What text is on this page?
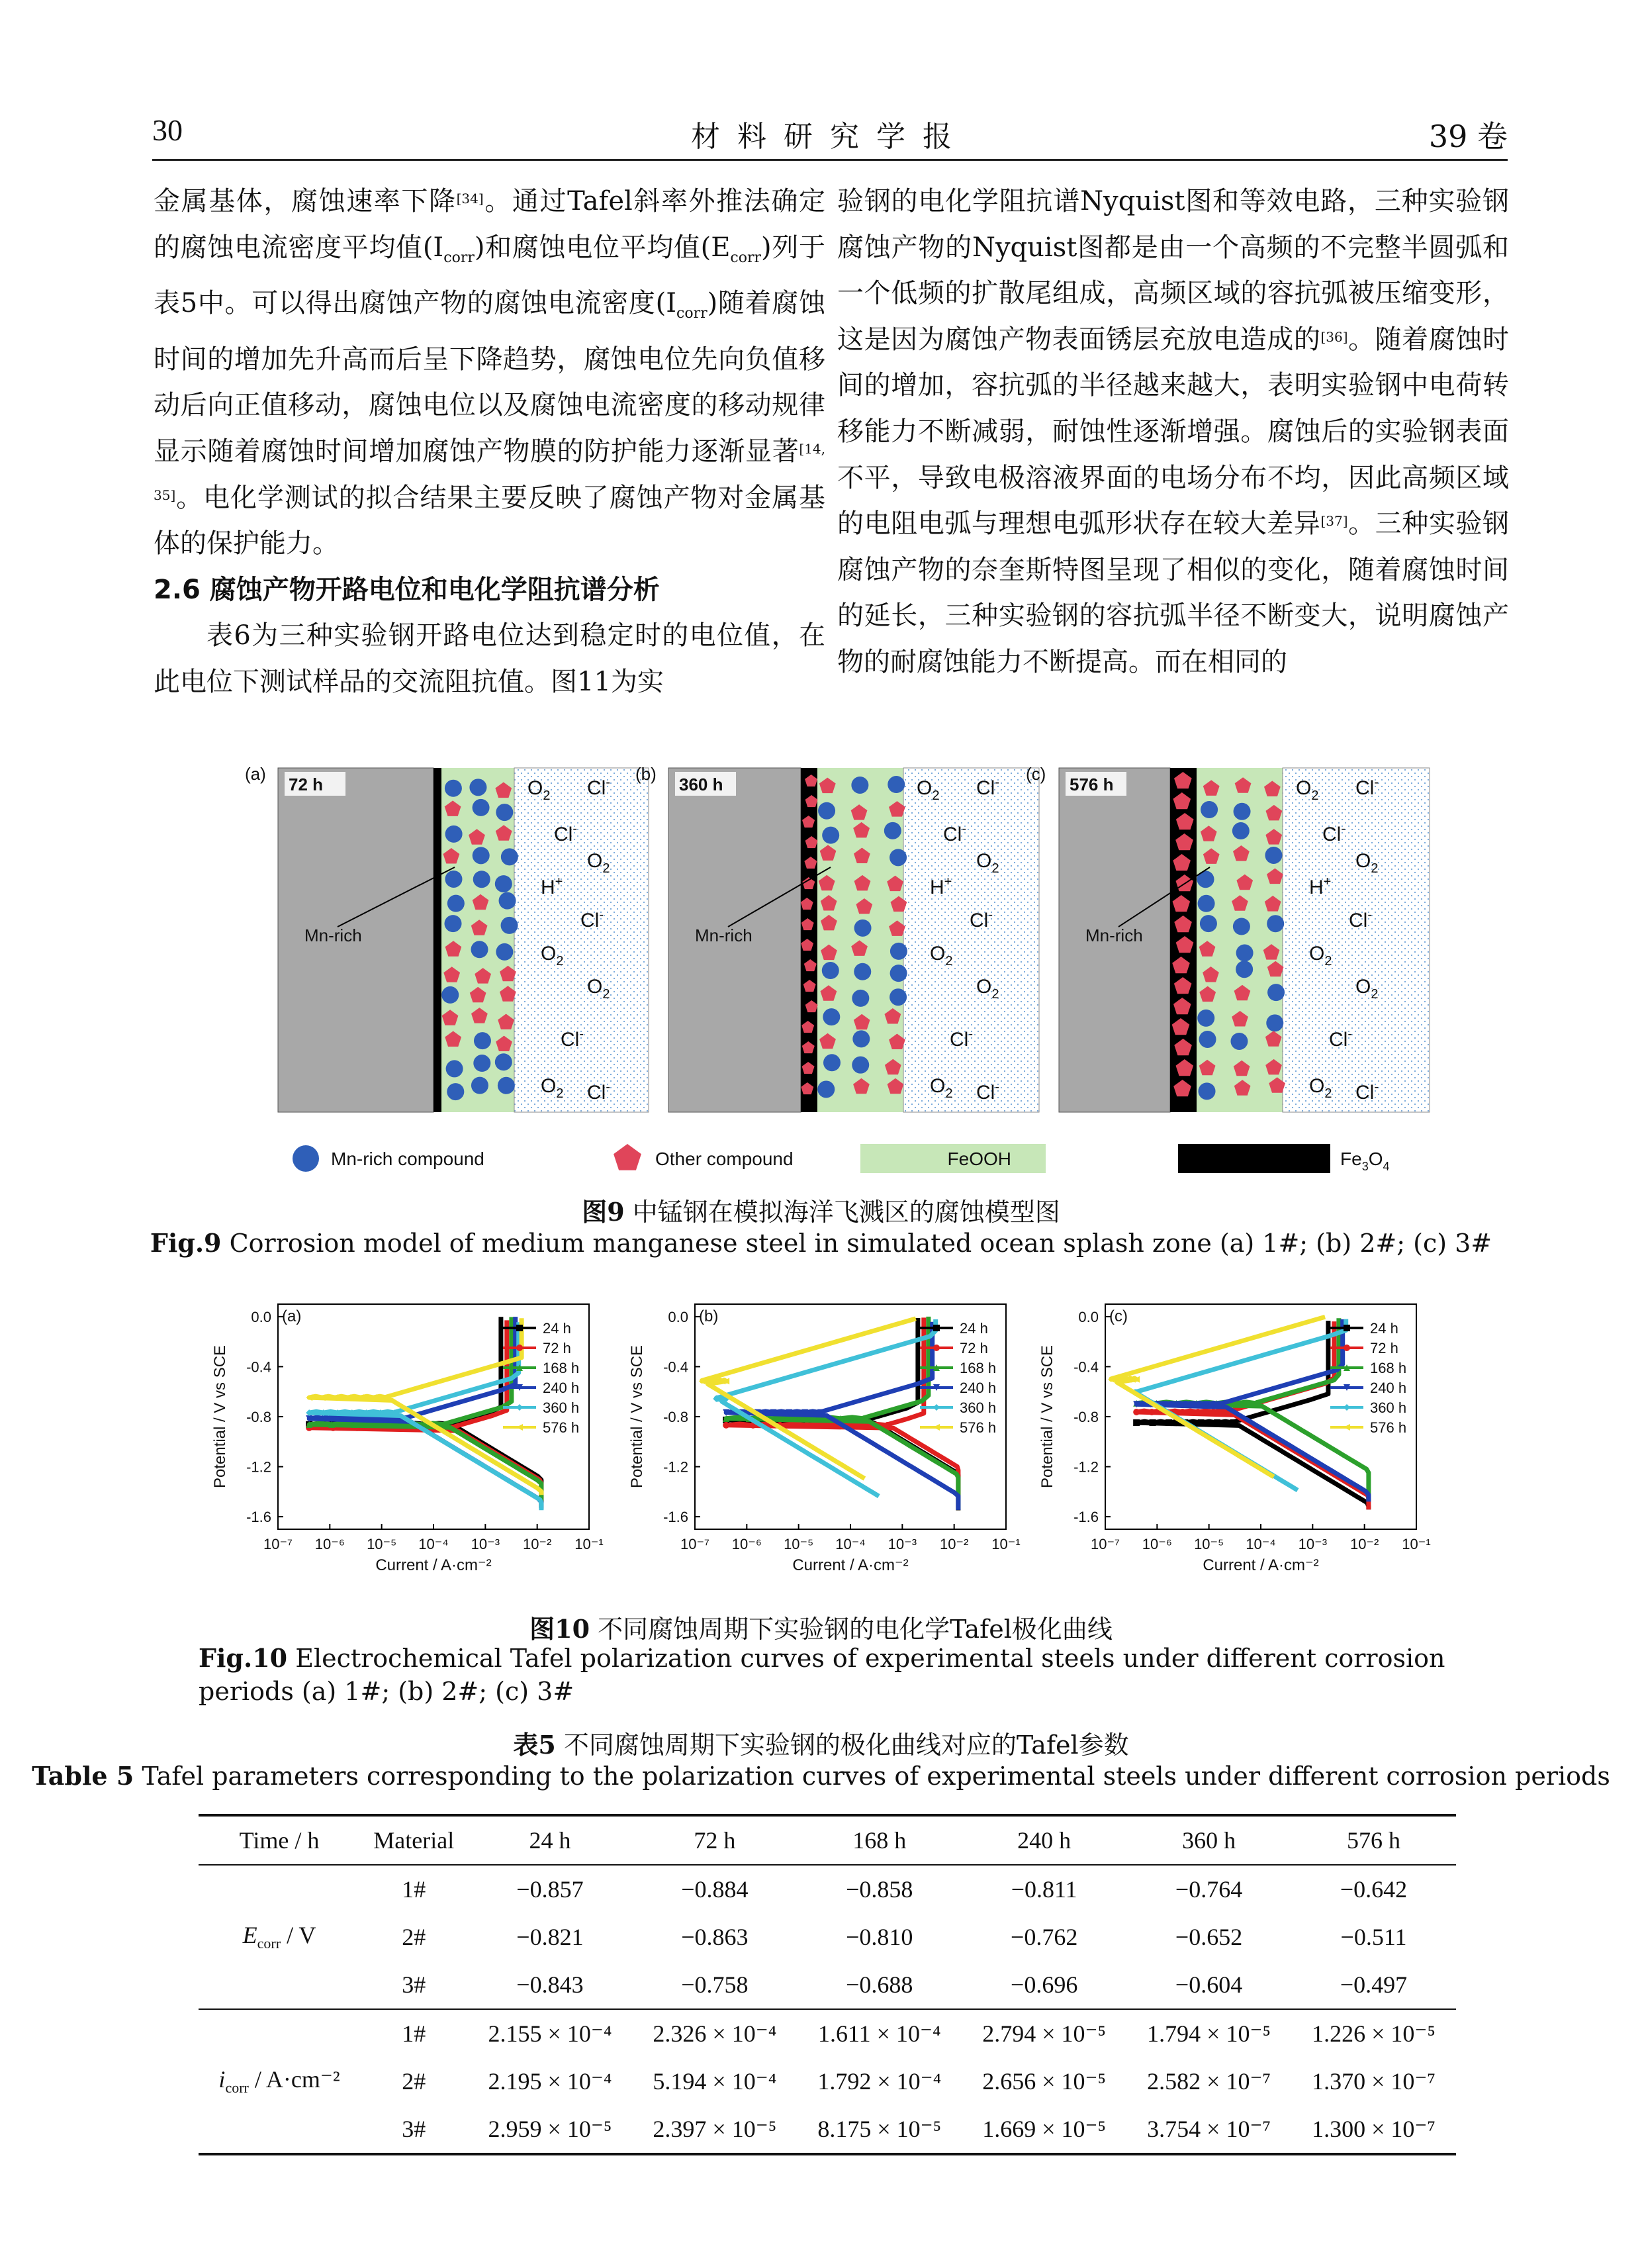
30	材料研究学报	39 卷

金属基体，腐蚀速率下降[34]。通过Tafel斜率外推法确定的腐蚀电流密度平均值$(I_{corr})$和腐蚀电位平均值$(E_{corr})$列于表5中。可以得出腐蚀产物的腐蚀电流密度$(I_{corr})$随着腐蚀时间的增加先升高而后呈下降趋势，腐蚀电位先向负值移动后向正值移动，腐蚀电位以及腐蚀电流密度的移动规律显示随着腐蚀时间增加腐蚀产物膜的防护能力逐渐显著[14, 35]。电化学测试的拟合结果主要反映了腐蚀产物对金属基体的保护能力。

2.6 腐蚀产物开路电位和电化学阻抗谱分析

表6为三种实验钢开路电位达到稳定时的电位值，在此电位下测试样品的交流阻抗值。图11为实

验钢的电化学阻抗谱Nyquist图和等效电路，三种实验钢腐蚀产物的Nyquist图都是由一个高频的不完整半圆弧和一个低频的扩散尾组成，高频区域的容抗弧被压缩变形，这是因为腐蚀产物表面锈层充放电造成的[36]。随着腐蚀时间的增加，容抗弧的半径越来越大，表明实验钢中电荷转移能力不断减弱，耐蚀性逐渐增强。腐蚀后的实验钢表面不平，导致电极溶液界面的电场分布不均，因此高频区域的电阻电弧与理想电弧形状存在较大差异[37]。三种实验钢腐蚀产物的奈奎斯特图呈现了相似的变化，随着腐蚀时间的延长，三种实验钢的容抗弧半径不断变大，说明腐蚀产物的耐腐蚀能力不断提高。而在相同的

(a)
72 h
Mn-rich
$O_2$ Cl-
Cl-
$O_2$
H+
Cl-
$O_2$
$O_2$
Cl-
$O_2$ Cl-
(b)
360 h
Mn-rich
$O_2$ Cl-
Cl-
$O_2$
H+
Cl-
$O_2$
$O_2$
Cl-
$O_2$ Cl-
(c)
576 h
Mn-rich
$O_2$ Cl-
Cl-
$O_2$
H+
Cl-
$O_2$
$O_2$
Cl-
$O_2$ Cl-
Mn-rich compound	Other compound	FeOOH	$Fe_3O_4$
图9 中锰钢在模拟海洋飞溅区的腐蚀模型图
Fig.9 Corrosion model of medium manganese steel in simulated ocean splash zone (a) 1#; (b) 2#; (c) 3#
(a)
0.0
-0.4
-0.8
-1.2
-1.6
10⁻⁷ 10⁻⁶ 10⁻⁵ 10⁻⁴ 10⁻³ 10⁻² 10⁻¹
Current / A·cm⁻²
Potential / V vs SCE
24 h
72 h
168 h
240 h
360 h
576 h
(b)
0.0
-0.4
-0.8
-1.2
-1.6
10⁻⁷ 10⁻⁶ 10⁻⁵ 10⁻⁴ 10⁻³ 10⁻² 10⁻¹
Current / A·cm⁻²
Potential / V vs SCE
24 h
72 h
168 h
240 h
360 h
576 h
(c)
0.0
-0.4
-0.8
-1.2
-1.6
10⁻⁷ 10⁻⁶ 10⁻⁵ 10⁻⁴ 10⁻³ 10⁻² 10⁻¹
Current / A·cm⁻²
Potential / V vs SCE
24 h
72 h
168 h
240 h
360 h
576 h
图10 不同腐蚀周期下实验钢的电化学Tafel极化曲线
Fig.10 Electrochemical Tafel polarization curves of experimental steels under different corrosion periods (a) 1#; (b) 2#; (c) 3#
表5 不同腐蚀周期下实验钢的极化曲线对应的Tafel参数
Table 5 Tafel parameters corresponding to the polarization curves of experimental steels under different corrosion periods
Time / h	Material	24 h	72 h	168 h	240 h	360 h	576 h
$E_{corr}$ / V	1#	−0.857	−0.884	−0.858	−0.811	−0.764	−0.642
	2#	−0.821	−0.863	−0.810	−0.762	−0.652	−0.511
	3#	−0.843	−0.758	−0.688	−0.696	−0.604	−0.497
$i_{corr} / A\cdot cm^{-2}$	1#	2.155 × 10⁻⁴	2.326 × 10⁻⁴	1.611 × 10⁻⁴	2.794 × 10⁻⁵	1.794 × 10⁻⁵	1.226 × 10⁻⁵
	2#	2.195 × 10⁻⁴	5.194 × 10⁻⁴	1.792 × 10⁻⁴	2.656 × 10⁻⁵	2.582 × 10⁻⁷	1.370 × 10⁻⁷
	3#	2.959 × 10⁻⁵	2.397 × 10⁻⁵	8.175 × 10⁻⁵	1.669 × 10⁻⁵	3.754 × 10⁻⁷	1.300 × 10⁻⁷
